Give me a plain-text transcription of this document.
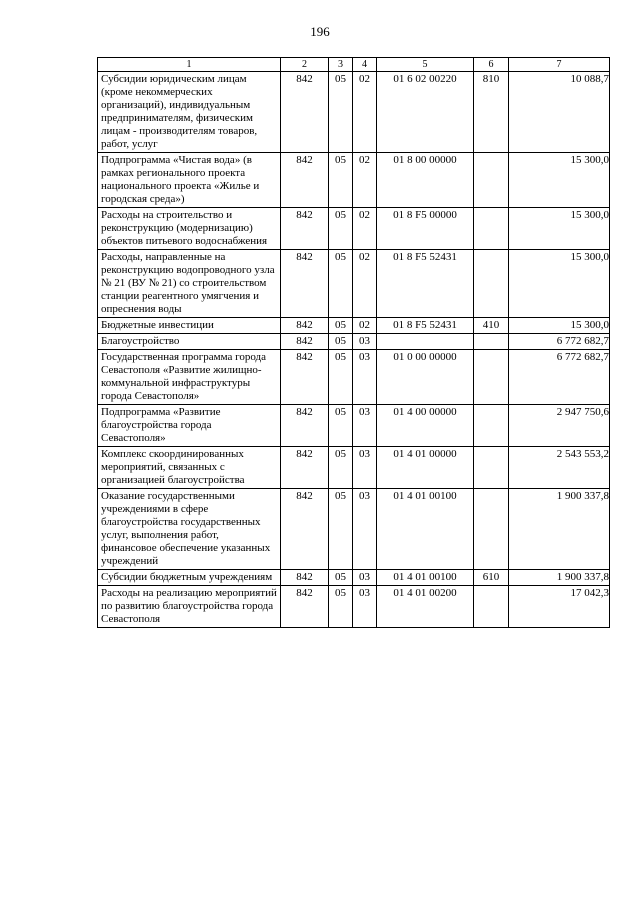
196
1	2	3	4	5	6	7
Субсидии юридическим лицам (кроме некоммерческих организаций), индивидуальным предпринимателям, физическим лицам - производителям товаров, работ, услуг	842	05	02	01 6 02 00220	810	10 088,7
Подпрограмма «Чистая вода» (в рамках регионального проекта национального проекта «Жилье и городская среда»)	842	05	02	01 8 00 00000		15 300,0
Расходы на строительство и реконструкцию (модернизацию) объектов питьевого водоснабжения	842	05	02	01 8 F5 00000		15 300,0
Расходы, направленные на реконструкцию водопроводного узла № 21 (ВУ № 21) со строительством станции реагентного умягчения и опреснения воды	842	05	02	01 8 F5 52431		15 300,0
Бюджетные инвестиции	842	05	02	01 8 F5 52431	410	15 300,0
Благоустройство	842	05	03			6 772 682,7
Государственная программа города Севастополя «Развитие жилищно-коммунальной инфраструктуры города Севастополя»	842	05	03	01 0 00 00000		6 772 682,7
Подпрограмма «Развитие благоустройства города Севастополя»	842	05	03	01 4 00 00000		2 947 750,6
Комплекс скоординированных мероприятий, связанных с организацией благоустройства	842	05	03	01 4 01 00000		2 543 553,2
Оказание государственными учреждениями в сфере благоустройства государственных услуг, выполнения работ, финансовое обеспечение указанных учреждений	842	05	03	01 4 01 00100		1 900 337,8
Субсидии бюджетным учреждениям	842	05	03	01 4 01 00100	610	1 900 337,8
Расходы на реализацию мероприятий по развитию благоустройства города Севастополя	842	05	03	01 4 01 00200		17 042,3
